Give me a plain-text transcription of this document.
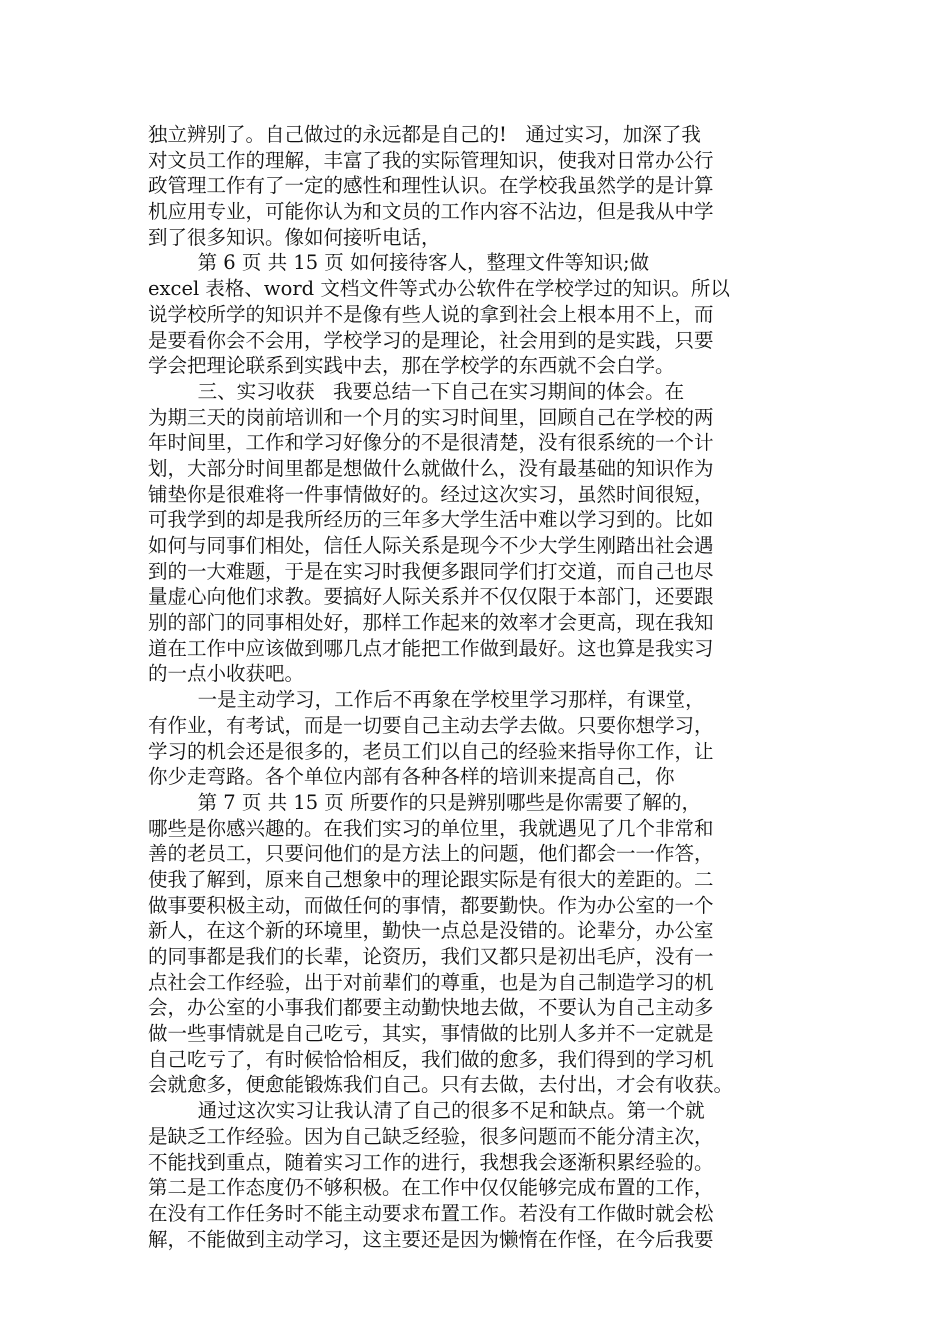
独立辨别了。自己做过的永远都是自己的!   通过实习，加深了我
对文员工作的理解，丰富了我的实际管理知识，使我对日常办公行
政管理工作有了一定的感性和理性认识。在学校我虽然学的是计算
机应用专业，可能你认为和文员的工作内容不沾边，但是我从中学
到了很多知识。像如何接听电话，
第 6 页 共 15 页 如何接待客人，整理文件等知识;做
excel 表格、word 文档文件等式办公软件在学校学过的知识。所以
说学校所学的知识并不是像有些人说的拿到社会上根本用不上，而
是要看你会不会用，学校学习的是理论，社会用到的是实践，只要
学会把理论联系到实践中去，那在学校学的东西就不会白学。
三、实习收获   我要总结一下自己在实习期间的体会。在
为期三天的岗前培训和一个月的实习时间里，回顾自己在学校的两
年时间里，工作和学习好像分的不是很清楚，没有很系统的一个计
划，大部分时间里都是想做什么就做什么，没有最基础的知识作为
铺垫你是很难将一件事情做好的。经过这次实习，虽然时间很短，
可我学到的却是我所经历的三年多大学生活中难以学习到的。比如
如何与同事们相处，信任人际关系是现今不少大学生刚踏出社会遇
到的一大难题，于是在实习时我便多跟同学们打交道，而自己也尽
量虚心向他们求教。要搞好人际关系并不仅仅限于本部门，还要跟
别的部门的同事相处好，那样工作起来的效率才会更高，现在我知
道在工作中应该做到哪几点才能把工作做到最好。这也算是我实习
的一点小收获吧。
一是主动学习，工作后不再象在学校里学习那样，有课堂，
有作业，有考试，而是一切要自己主动去学去做。只要你想学习，
学习的机会还是很多的，老员工们以自己的经验来指导你工作，让
你少走弯路。各个单位内部有各种各样的培训来提高自己，你
第 7 页 共 15 页 所要作的只是辨别哪些是你需要了解的，
哪些是你感兴趣的。在我们实习的单位里，我就遇见了几个非常和
善的老员工，只要问他们的是方法上的问题，他们都会一一作答，
使我了解到，原来自己想象中的理论跟实际是有很大的差距的。二
做事要积极主动，而做任何的事情，都要勤快。作为办公室的一个
新人，在这个新的环境里，勤快一点总是没错的。论辈分，办公室
的同事都是我们的长辈，论资历，我们又都只是初出毛庐，没有一
点社会工作经验，出于对前辈们的尊重，也是为自己制造学习的机
会，办公室的小事我们都要主动勤快地去做，不要认为自己主动多
做一些事情就是自己吃亏，其实，事情做的比别人多并不一定就是
自己吃亏了，有时候恰恰相反，我们做的愈多，我们得到的学习机
会就愈多，便愈能锻炼我们自己。只有去做，去付出，才会有收获。
通过这次实习让我认清了自己的很多不足和缺点。第一个就
是缺乏工作经验。因为自己缺乏经验，很多问题而不能分清主次，
不能找到重点，随着实习工作的进行，我想我会逐渐积累经验的。
第二是工作态度仍不够积极。在工作中仅仅能够完成布置的工作，
在没有工作任务时不能主动要求布置工作。若没有工作做时就会松
解，不能做到主动学习，这主要还是因为懒惰在作怪，在今后我要
